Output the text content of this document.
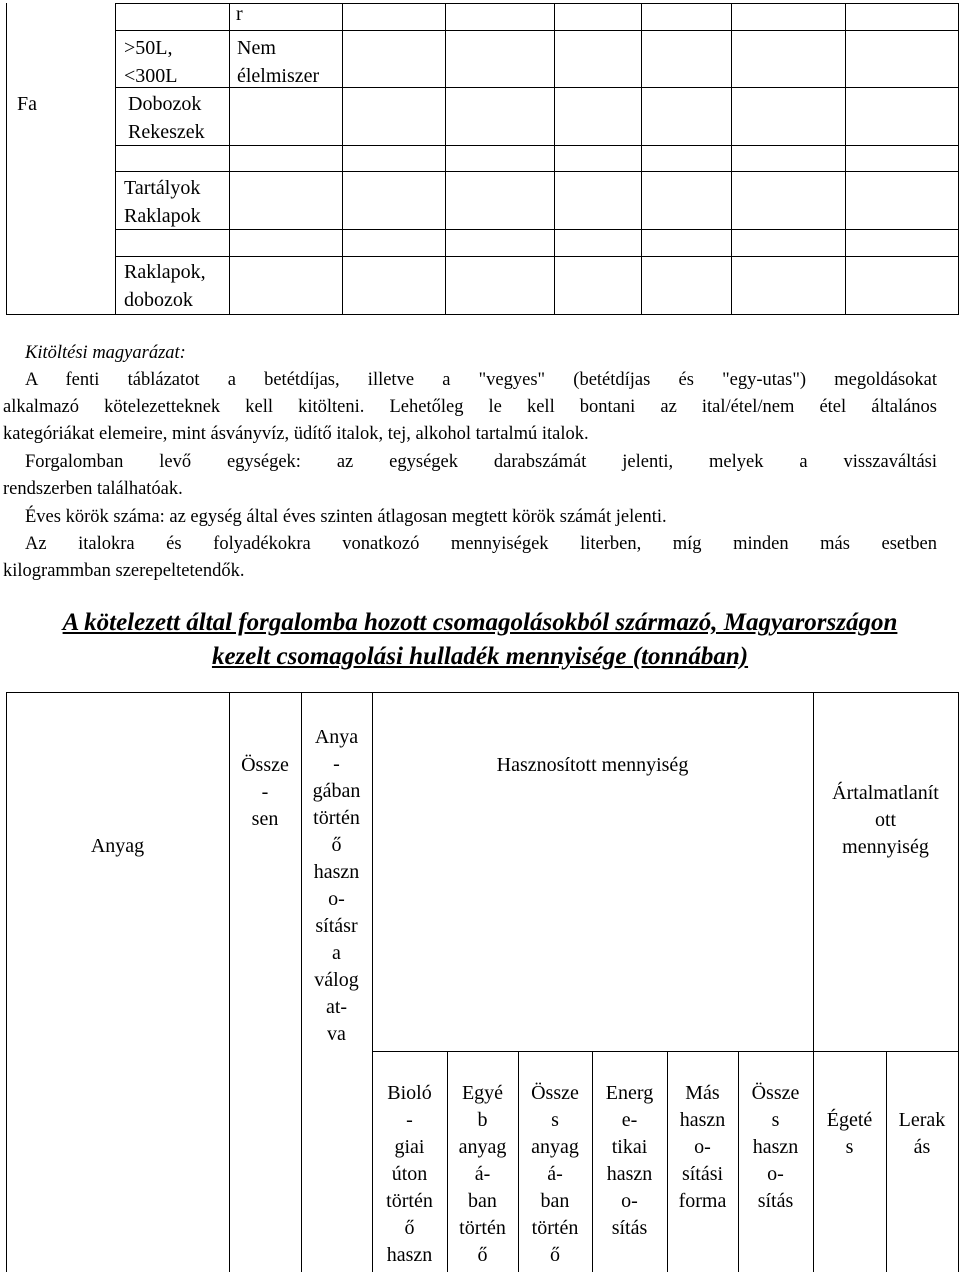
Fa
>50L,
<300L
r
Nem
élelmiszer
Dobozok
Rekeszek
Tartályok
Raklapok
Raklapok,
dobozok
Kitöltési magyarázat:
A fenti táblázatot a betétdíjas, illetve a "vegyes" (betétdíjas és "egy-utas") megoldásokat
alkalmazó kötelezetteknek kell kitölteni. Lehetőleg le kell bontani az ital/étel/nem étel általános
kategóriákat elemeire, mint ásványvíz, üdítő italok, tej, alkohol tartalmú italok.
Forgalomban levő egységek: az egységek darabszámát jelenti, melyek a visszaváltási
rendszerben találhatóak.
Éves körök száma: az egység által éves szinten átlagosan megtett körök számát jelenti.
Az italokra és folyadékokra vonatkozó mennyiségek literben, míg minden más esetben
kilogrammban szerepeltetendők.
A kötelezett által forgalomba hozott csomagolásokból származó, Magyarországon
kezelt csomagolási hulladék mennyisége (tonnában)
Anyag
Össze
-
sen
Anya
-
gában
történ
ő
haszn
o-
sításr
a
válog
at-
va
Hasznosított mennyiség
Ártalmatlanít
ott
mennyiség
Bioló
-
giai
úton
történ
ő
haszn
Egyé
b
anyag
á-
ban
történ
ő
Össze
s
anyag
á-
ban
történ
ő
Energ
e-
tikai
haszn
o-
sítás
Más
haszn
o-
sítási
forma
Össze
s
haszn
o-
sítás
Égeté
s
Lerak
ás
